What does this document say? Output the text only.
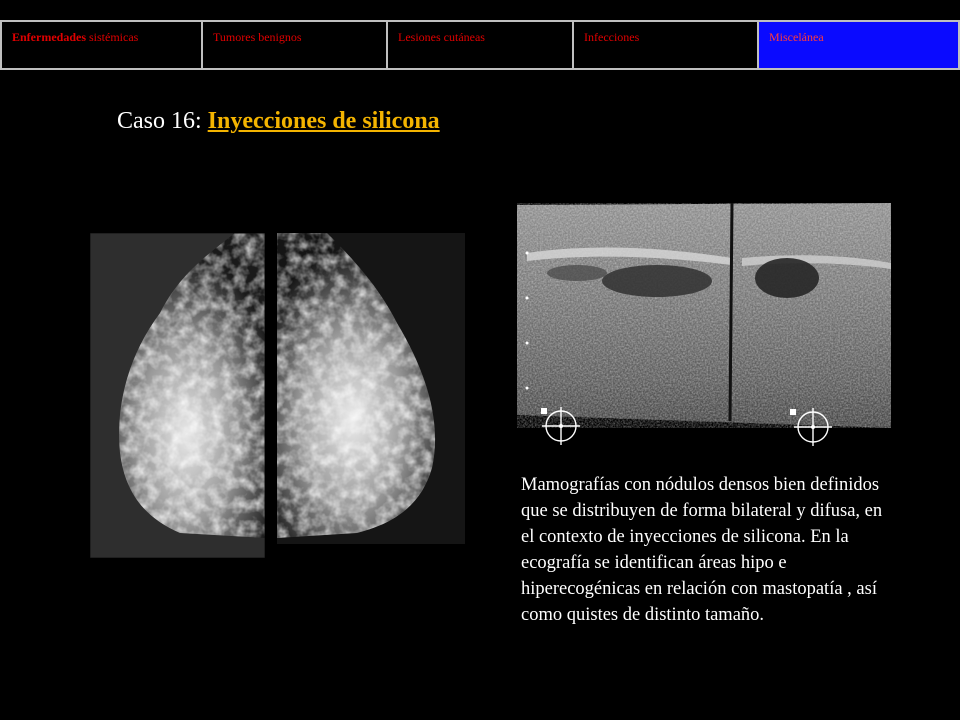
Enfermedades sistémicas	Tumores benignos	Lesiones cutáneas	Infecciones	Miscelánea
Caso 16: Inyecciones de silicona
Mamografías con nódulos densos bien definidos que se distribuyen de forma bilateral y difusa, en el contexto de inyecciones de silicona. En la ecografía se identifican áreas hipo e hiperecogénicas en relación con mastopatía , así como quistes de distinto tamaño.
